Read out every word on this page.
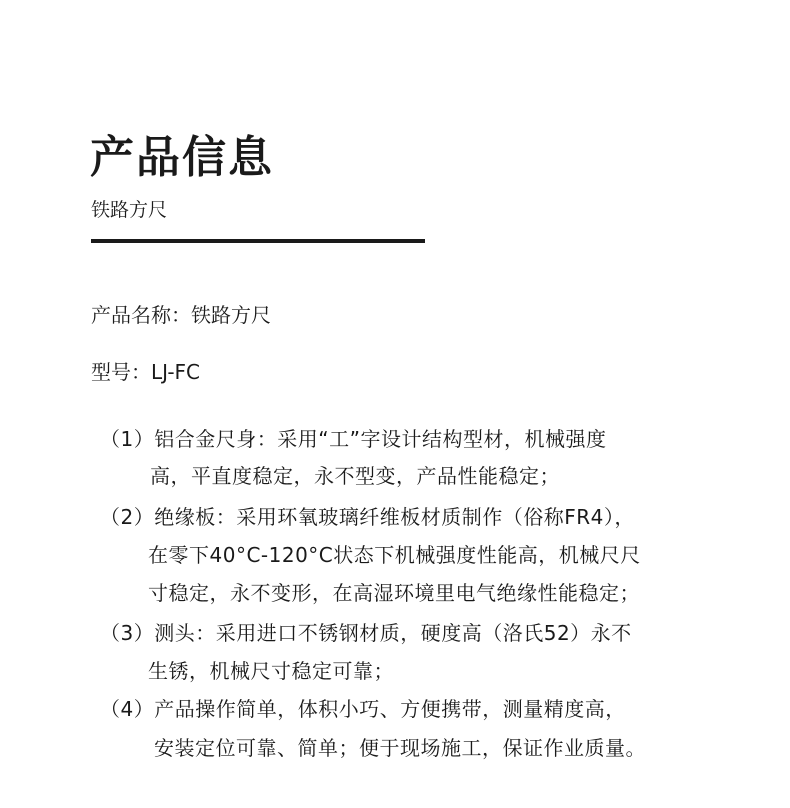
产品信息
铁路方尺
产品名称：铁路方尺
型号：LJ-FC
（1）铝合金尺身：采用“工”字设计结构型材，机械强度
高，平直度稳定，永不型变，产品性能稳定；
（2）绝缘板：采用环氧玻璃纤维板材质制作（俗称FR4），
在零下40°C-120°C状态下机械强度性能高，机械尺尺
寸稳定，永不变形，在高湿环境里电气绝缘性能稳定；
（3）测头：采用进口不锈钢材质，硬度高（洛氏52）永不
生锈，机械尺寸稳定可靠；
（4）产品操作简单，体积小巧、方便携带，测量精度高，
安装定位可靠、简单；便于现场施工，保证作业质量。
